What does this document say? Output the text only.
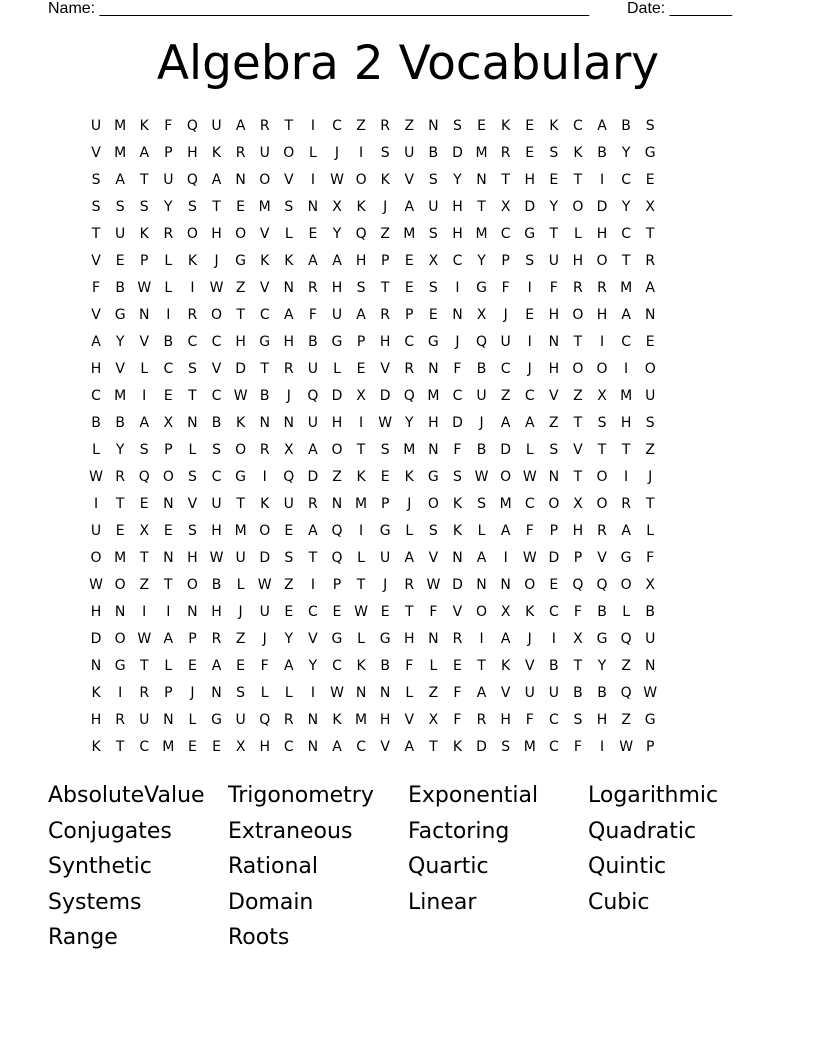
Name: _______________________________________________________ Date: _______
Algebra 2 Vocabulary
U M K	F	Q U	A	R	T	I	C	Z	R	Z	N	S	E	K	E	K	C	A	B	S
V M A	P	H	K	R	U O	L	J	I	S	U	B D M R	E	S	K	B	Y	G
S	A	T	U Q A	N O V	I	W O K	V	S	Y	N	T	H	E	T	I	C	E
S	S	S	Y	S	T	E M S	N	X	K	J	A	U H	T	X D	Y	O D	Y	X
T	U	K	R O H O V	L	E	Y	Q Z M S	H M C G	T	L	H C	T
V	E	P	L	K	J	G	K	K	A	A	H	P	E	X	C	Y	P	S	U H O	T	R
F	B W L	I	W Z	V	N R H	S	T	E	S	I	G	F	I	F	R	R M A
V G N	I	R O	T	C	A	F	U	A	R	P	E	N	X	J	E	H O H	A	N
A	Y	V	B	C	C H G H	B G	P	H C G	J	Q U	I	N	T	I	C	E
H	V	L	C	S	V D	T	R	U	L	E	V	R N	F	B	C	J	H O O	I	O
C M	I	E	T	C W B	J	Q D X D Q M C	U	Z	C	V	Z	X M U
B	B	A	X	N	B	K	N N U H	I	W Y	H D	J	A	A	Z	T	S	H	S
L	Y	S	P	L	S	O R	X	A O	T	S M N	F	B D	L	S	V	T	T	Z
W R Q O	S	C G	I	Q D Z	K	E	K	G	S W O W N	T	O	I	J
I	T	E	N	V	U	T	K	U	R N M P	J	O K	S M C O X O R	T
U	E	X	E	S	H M O	E	A Q	I	G	L	S	K	L	A	F	P	H R	A	L
O M T	N H W U D	S	T	Q	L	U	A	V	N	A	I	W D	P	V G	F
W O Z	T	O B	L W Z	I	P	T	J	R W D N N O	E	Q Q O X
H N	I	I	N H	J	U	E	C	E W E	T	F	V O X	K	C	F	B	L	B
D O W A	P	R	Z	J	Y	V G	L	G H N R	I	A	J	I	X G Q U
N G	T	L	E	A	E	F	A	Y	C	K	B	F	L	E	T	K	V	B	T	Y	Z	N
K	I	R	P	J	N	S	L	L	I	W N N	L	Z	F	A	V	U U	B	B Q W
H R	U N	L	G U Q R N	K M H	V	X	F	R H	F	C	S	H	Z G
K	T	C M E	E	X	H C N	A	C	V	A	T	K	D	S M C	F	I	W P
AbsoluteValue	Trigonometry	Exponential	Logarithmic
Conjugates	Extraneous	Factoring	Quadratic
Synthetic	Rational	Quartic	Quintic
Systems	Domain	Linear	Cubic
Range	Roots
